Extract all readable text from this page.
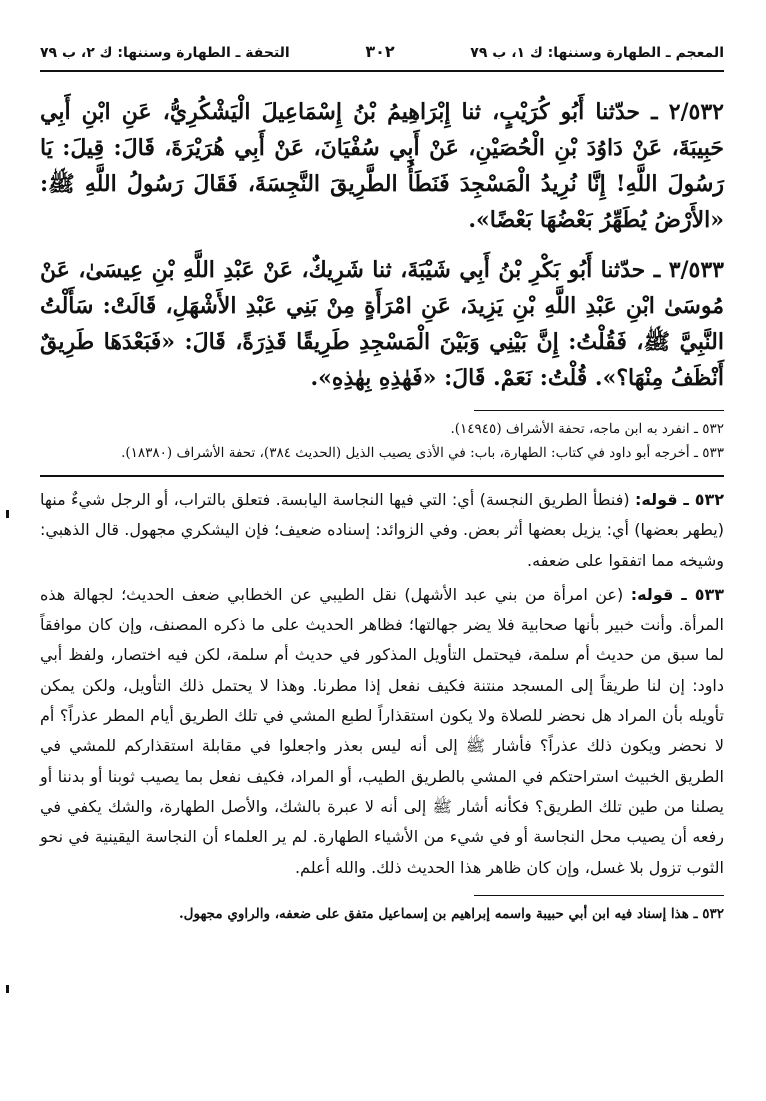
المعجم ـ الطهارة وسننها: ك ١، ب ٧٩
٣٠٢
التحفة ـ الطهارة وسننها: ك ٢، ب ٧٩

٢/٥٣٢ ـ حدّثنا أَبُو كُرَيْبٍ، ثنا إِبْرَاهِيمُ بْنُ إِسْمَاعِيلَ الْيَشْكُرِيُّ، عَنِ ابْنِ أَبِي حَبِيبَةَ، عَنْ دَاوُدَ بْنِ الْحُصَيْنِ، عَنْ أَبِي سُفْيَانَ، عَنْ أَبِي هُرَيْرَةَ، قَالَ: قِيلَ: يَا رَسُولَ اللَّهِ! إِنَّا نُرِيدُ الْمَسْجِدَ فَنَطَأُ الطَّرِيقَ النَّجِسَةَ، فَقَالَ رَسُولُ اللَّهِ ﷺ: «الأَرْضُ يُطَهِّرُ بَعْضُهَا بَعْضًا».

٣/٥٣٣ ـ حدّثنا أَبُو بَكْرِ بْنُ أَبِي شَيْبَةَ، ثنا شَرِيكٌ، عَنْ عَبْدِ اللَّهِ بْنِ عِيسَىٰ، عَنْ مُوسَىٰ ابْنِ عَبْدِ اللَّهِ بْنِ يَزِيدَ، عَنِ امْرَأَةٍ مِنْ بَنِي عَبْدِ الأَشْهَلِ، قَالَتْ: سَأَلْتُ النَّبِيَّ ﷺ، فَقُلْتُ: إِنَّ بَيْنِي وَبَيْنَ الْمَسْجِدِ طَرِيقًا قَذِرَةً، قَالَ: «فَبَعْدَهَا طَرِيقٌ أَنْظَفُ مِنْهَا؟». قُلْتُ: نَعَمْ. قَالَ: «فَهٰذِهِ بِهٰذِهِ».

٥٣٢ ـ انفرد به ابن ماجه، تحفة الأشراف (١٤٩٤٥).

٥٣٣ ـ أخرجه أبو داود في كتاب: الطهارة، باب: في الأذى يصيب الذيل (الحديث ٣٨٤)، تحفة الأشراف (١٨٣٨٠).

٥٣٢ ـ قوله: (فنطأ الطريق النجسة) أي: التي فيها النجاسة اليابسة. فتعلق بالتراب، أو الرجل شيءٌ منها (يطهر بعضها) أي: يزيل بعضها أثر بعض. وفي الزوائد: إسناده ضعيف؛ فإن اليشكري مجهول. قال الذهبي: وشيخه مما اتفقوا على ضعفه.

٥٣٣ ـ قوله: (عن امرأة من بني عبد الأشهل) نقل الطيبي عن الخطابي ضعف الحديث؛ لجهالة هذه المرأة. وأنت خبير بأنها صحابية فلا يضر جهالتها؛ فظاهر الحديث على ما ذكره المصنف، وإن كان موافقاً لما سبق من حديث أم سلمة، فيحتمل التأويل المذكور في حديث أم سلمة، لكن فيه اختصار، ولفظ أبي داود: إن لنا طريقاً إلى المسجد منتنة فكيف نفعل إذا مطرنا. وهذا لا يحتمل ذلك التأويل، ولكن يمكن تأويله بأن المراد هل نحضر للصلاة ولا يكون استقذاراً لطبع المشي في تلك الطريق أيام المطر عذراً؟ أم لا نحضر ويكون ذلك عذراً؟ فأشار ﷺ إلى أنه ليس بعذر واجعلوا في مقابلة استقذاركم للمشي في الطريق الخبيث استراحتكم في المشي بالطريق الطيب، أو المراد، فكيف نفعل بما يصيب ثوبنا أو بدننا أو يصلنا من طين تلك الطريق؟ فكأنه أشار ﷺ إلى أنه لا عبرة بالشك، والأصل الطهارة، والشك يكفي في رفعه أن يصيب محل النجاسة أو في شيء من الأشياء الطهارة. لم ير العلماء أن النجاسة اليقينية في نحو الثوب تزول بلا غسل، وإن كان ظاهر هذا الحديث ذلك. والله أعلم.

٥٣٢ ـ هذا إسناد فيه ابن أبي حبيبة واسمه إبراهيم بن إسماعيل متفق على ضعفه، والراوي مجهول.
